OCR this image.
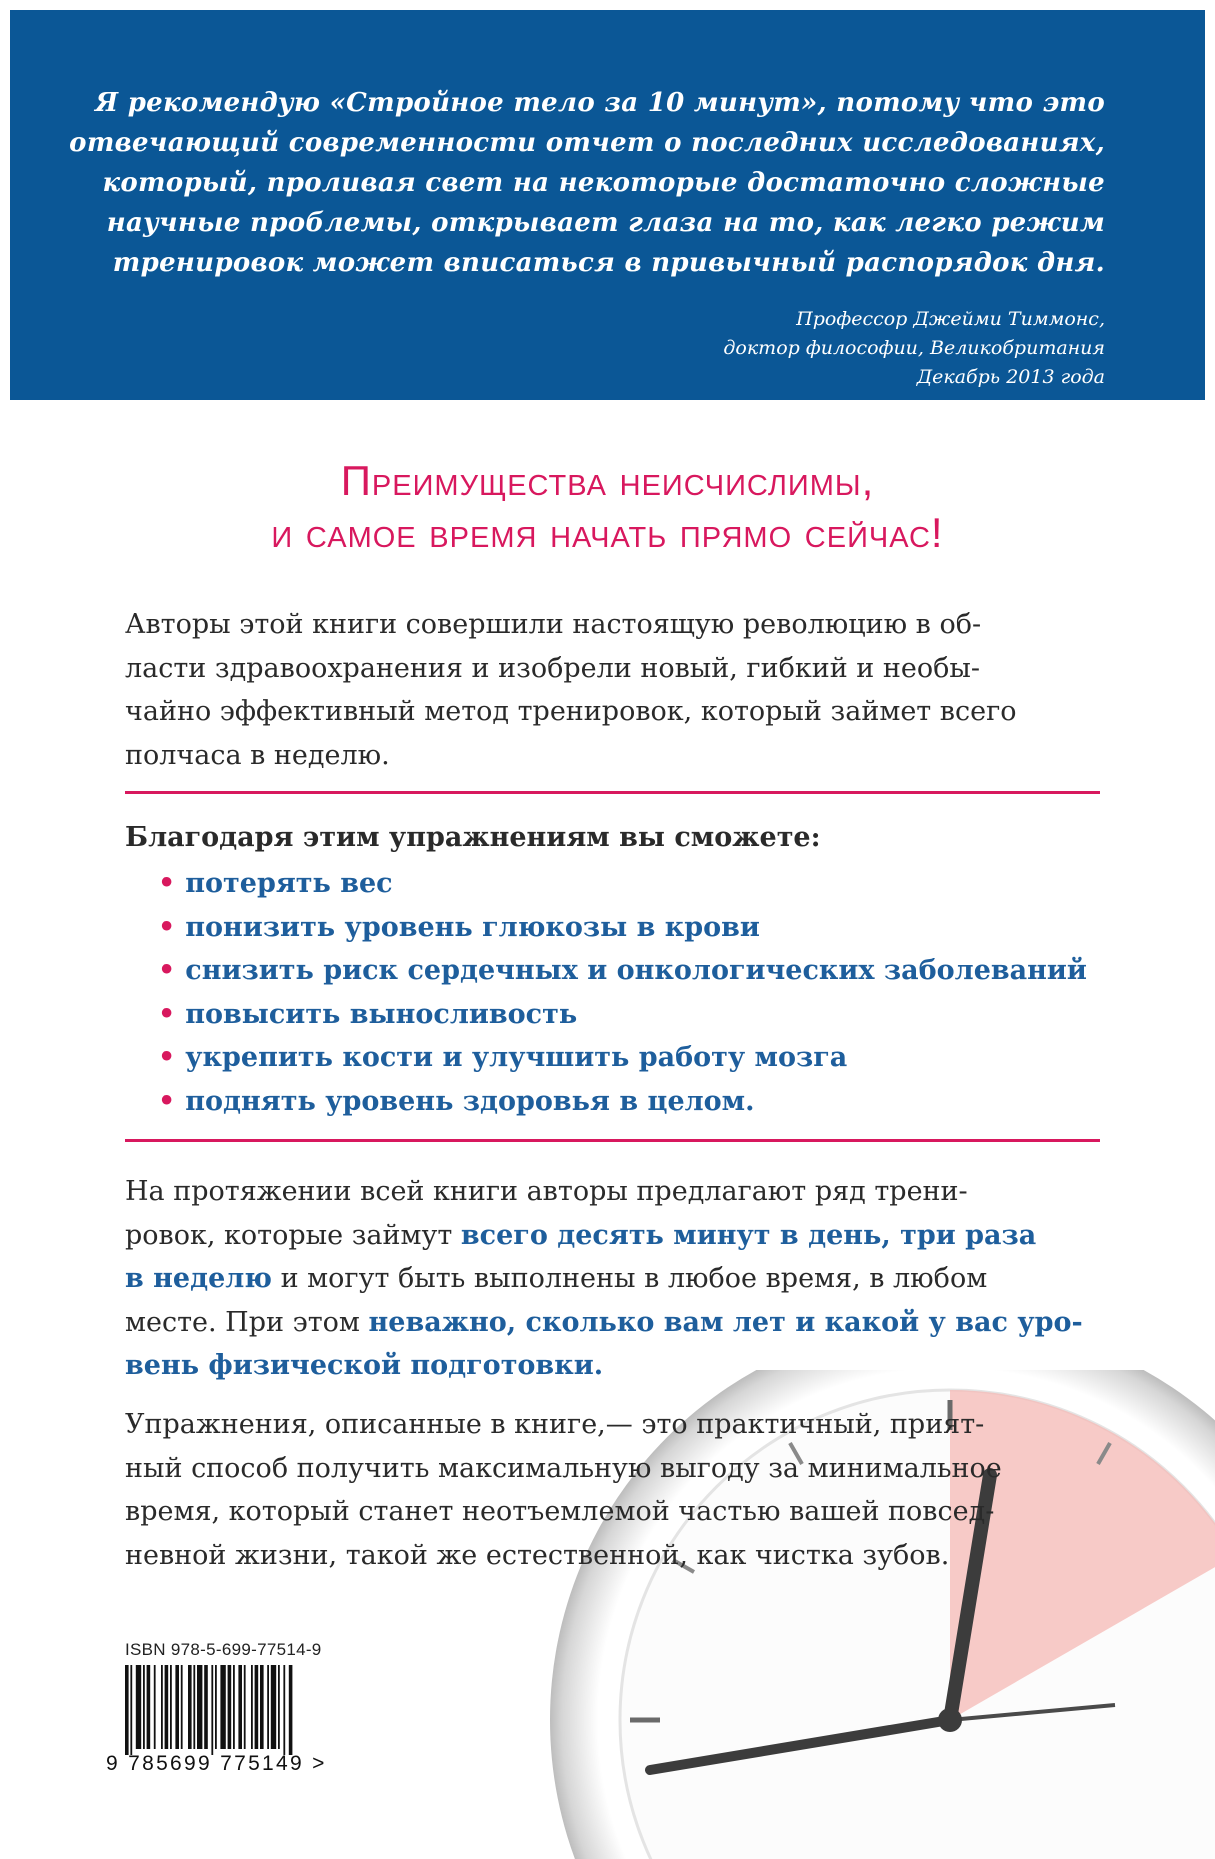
Я рекомендую «Стройное тело за 10 минут», потому что это
отвечающий современности отчет о последних исследованиях,
который, проливая свет на некоторые достаточно сложные
научные проблемы, открывает глаза на то, как легко режим
тренировок может вписаться в привычный распорядок дня.
Профессор Джейми Тиммонс,
доктор философии, Великобритания
Декабрь 2013 года
Преимущества неисчислимы,
и самое время начать прямо сейчас!
Авторы этой книги совершили настоящую революцию в об-
ласти здравоохранения и изобрели новый, гибкий и необы-
чайно эффективный метод тренировок, который займет всего
полчаса в неделю.
Благодаря этим упражнениям вы сможете:
• потерять вес
• понизить уровень глюкозы в крови
• снизить риск сердечных и онкологических заболеваний
• повысить выносливость
• укрепить кости и улучшить работу мозга
• поднять уровень здоровья в целом.
На протяжении всей книги авторы предлагают ряд трени-
ровок, которые займут всего десять минут в день, три раза
в неделю и могут быть выполнены в любое время, в любом
месте. При этом неважно, сколько вам лет и какой у вас уро-
вень физической подготовки.
Упражнения, описанные в книге,— это практичный, прият-
ный способ получить максимальную выгоду за минимальное
время, который станет неотъемлемой частью вашей повсед-
невной жизни, такой же естественной, как чистка зубов.
ISBN 978-5-699-77514-9
9 785699 775149 >
